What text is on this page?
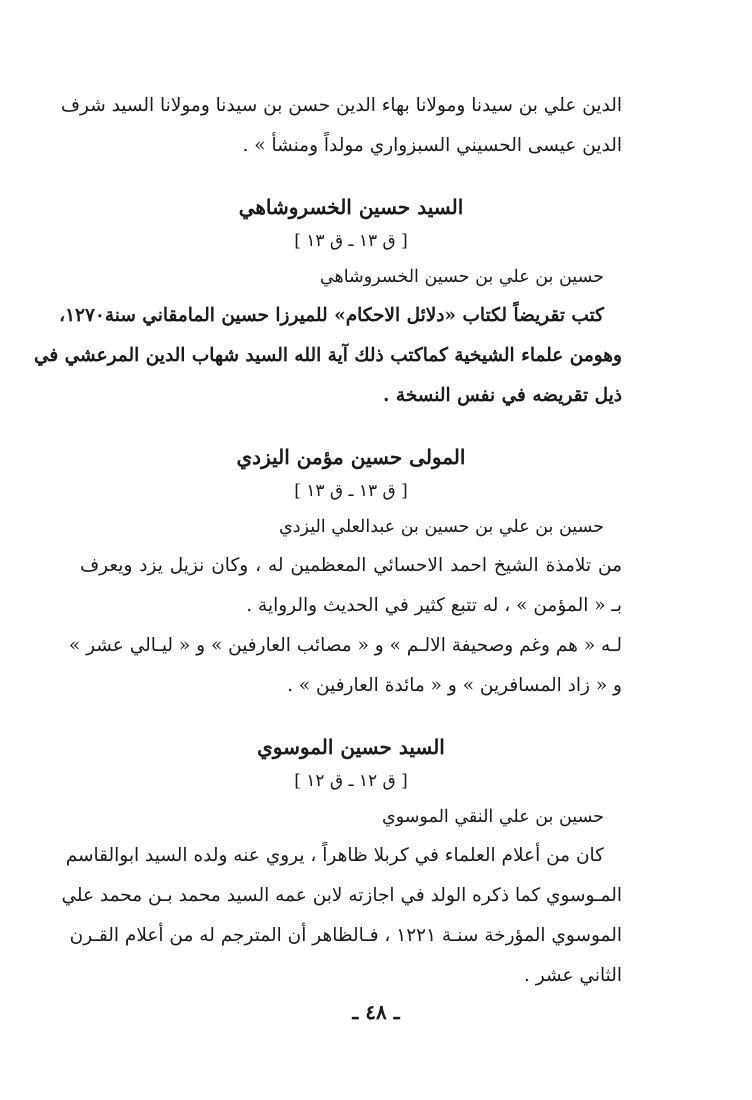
الدين علي بن سيدنا ومولانا بهاء الدين حسن بن سيدنا ومولانا السيد شرف
الدين عيسى الحسيني السبزواري مولداً ومنشأ » .
السيد حسين الخسروشاهي
[ ق ١٣ ـ ق ١٣ ]
حسين بن علي بن حسين الخسروشاهي
كتب تقريضاً لكتاب «دلائل الاحكام» للميرزا حسين المامقاني سنة١٢٧٠،
وهومن علماء الشيخية كماكتب ذلك آية الله السيد شهاب الدين المرعشي في
ذيل تقريضه في نفس النسخة .
المولى حسين مؤمن اليزدي
[ ق ١٣ ـ ق ١٣ ]
حسين بن علي بن حسين بن عبدالعلي اليزدي
من تلامذة الشيخ احمد الاحسائي المعظمين له ، وكان نزيل يزد ويعرف
بـ « المؤمن » ، له تتبع كثير في الحديث والرواية .
لـه « هم وغم وصحيفة الالـم » و « مصائب العارفين » و « ليـالي عشر »
و « زاد المسافرين » و « مائدة العارفين » .
السيد حسين الموسوي
[ ق ١٢ ـ ق ١٢ ]
حسين بن علي النقي الموسوي
كان من أعلام العلماء في كربلا ظاهراً ، يروي عنه ولده السيد ابوالقاسم
المـوسوي كما ذكره الولد في اجازته لابن عمه السيد محمد بـن محمد علي
الموسوي المؤرخة سنـة ١٢٢١ ، فـالظاهر أن المترجم له من أعلام القـرن
الثاني عشر .
ـ ٤٨ ـ
